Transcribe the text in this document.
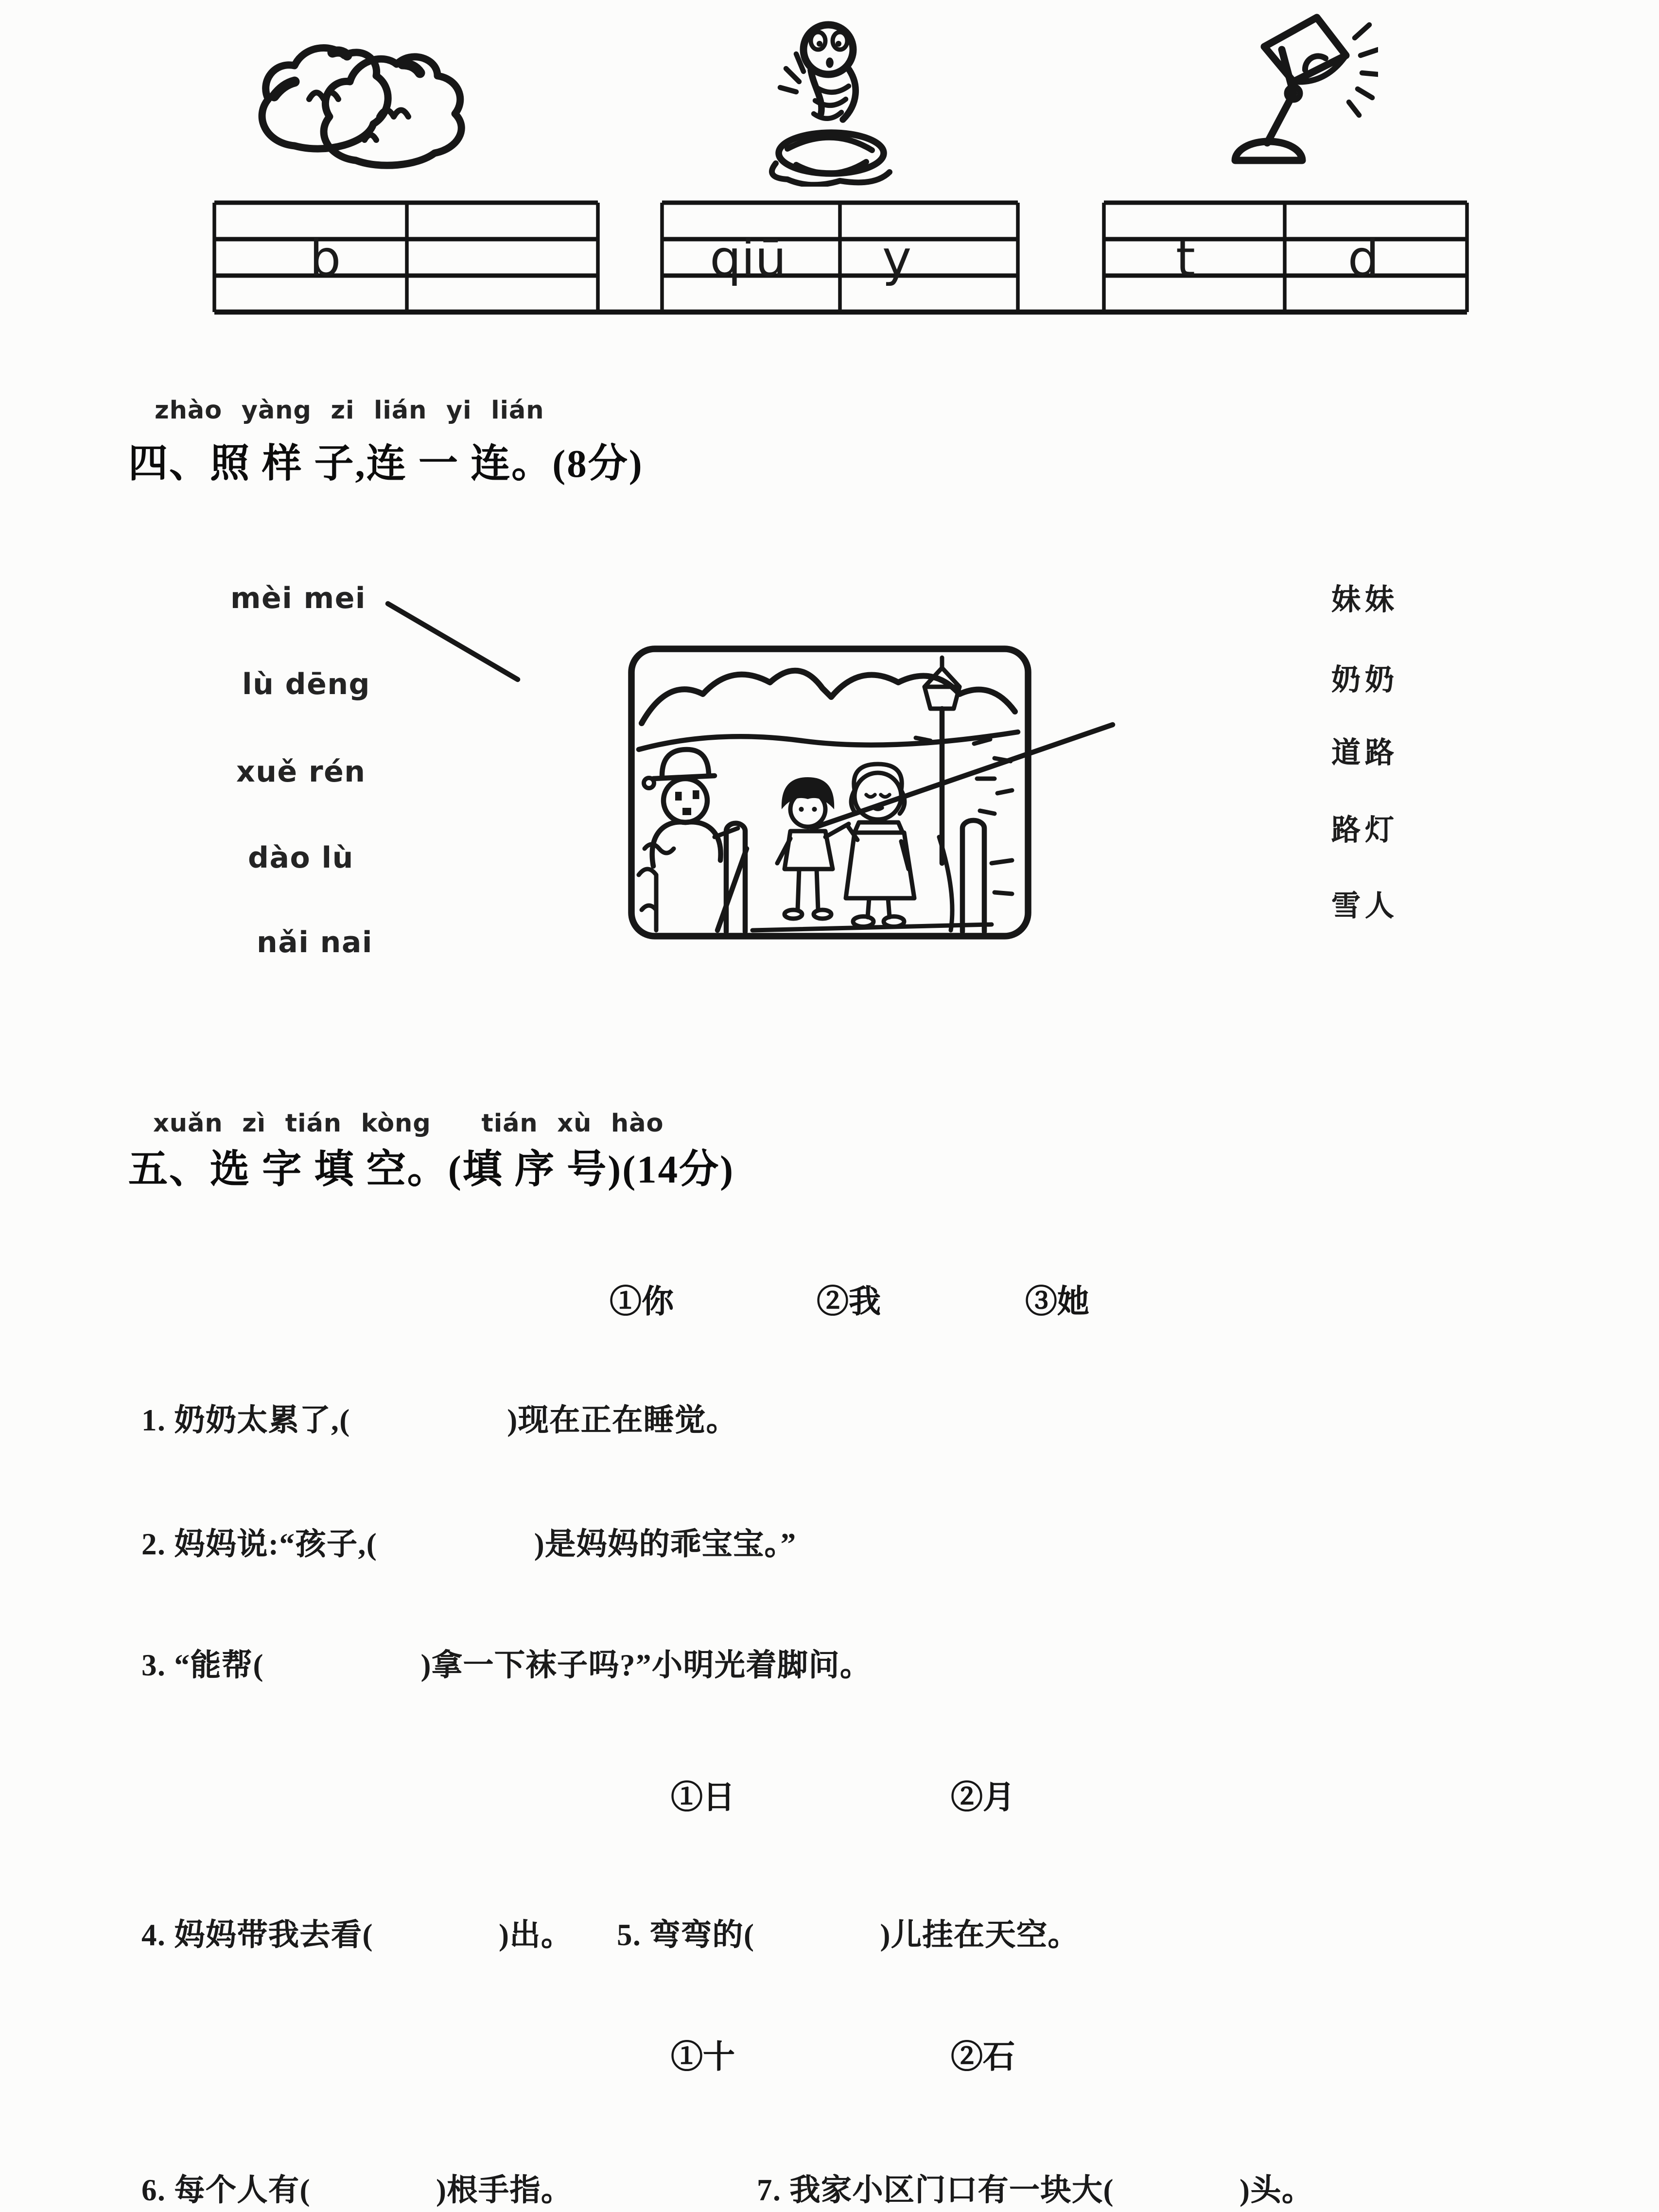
b	qiū	y	t	d
zhào yàng zi lián yi lián
四、照 样 子,连 一 连。(8分)
mèi mei
lù dēng
xuě rén
dào lù
nǎi nai
妹妹
奶奶
道路
路灯
雪人
xuǎn zì tián kòng　　tián xù hào
五、选 字 填 空。(填 序 号)(14分)
①你	②我	③她
1. 奶奶太累了,(　　　　　)现在正在睡觉。
2. 妈妈说:“孩子,(　　　　　)是妈妈的乖宝宝。”
3. “能帮(　　　　　)拿一下袜子吗?”小明光着脚问。
①日	②月
4. 妈妈带我去看(　　　　)出。	5. 弯弯的(　　　　)儿挂在天空。
①十	②石
6. 每个人有(　　　　)根手指。	7. 我家小区门口有一块大(　　　　)头。
